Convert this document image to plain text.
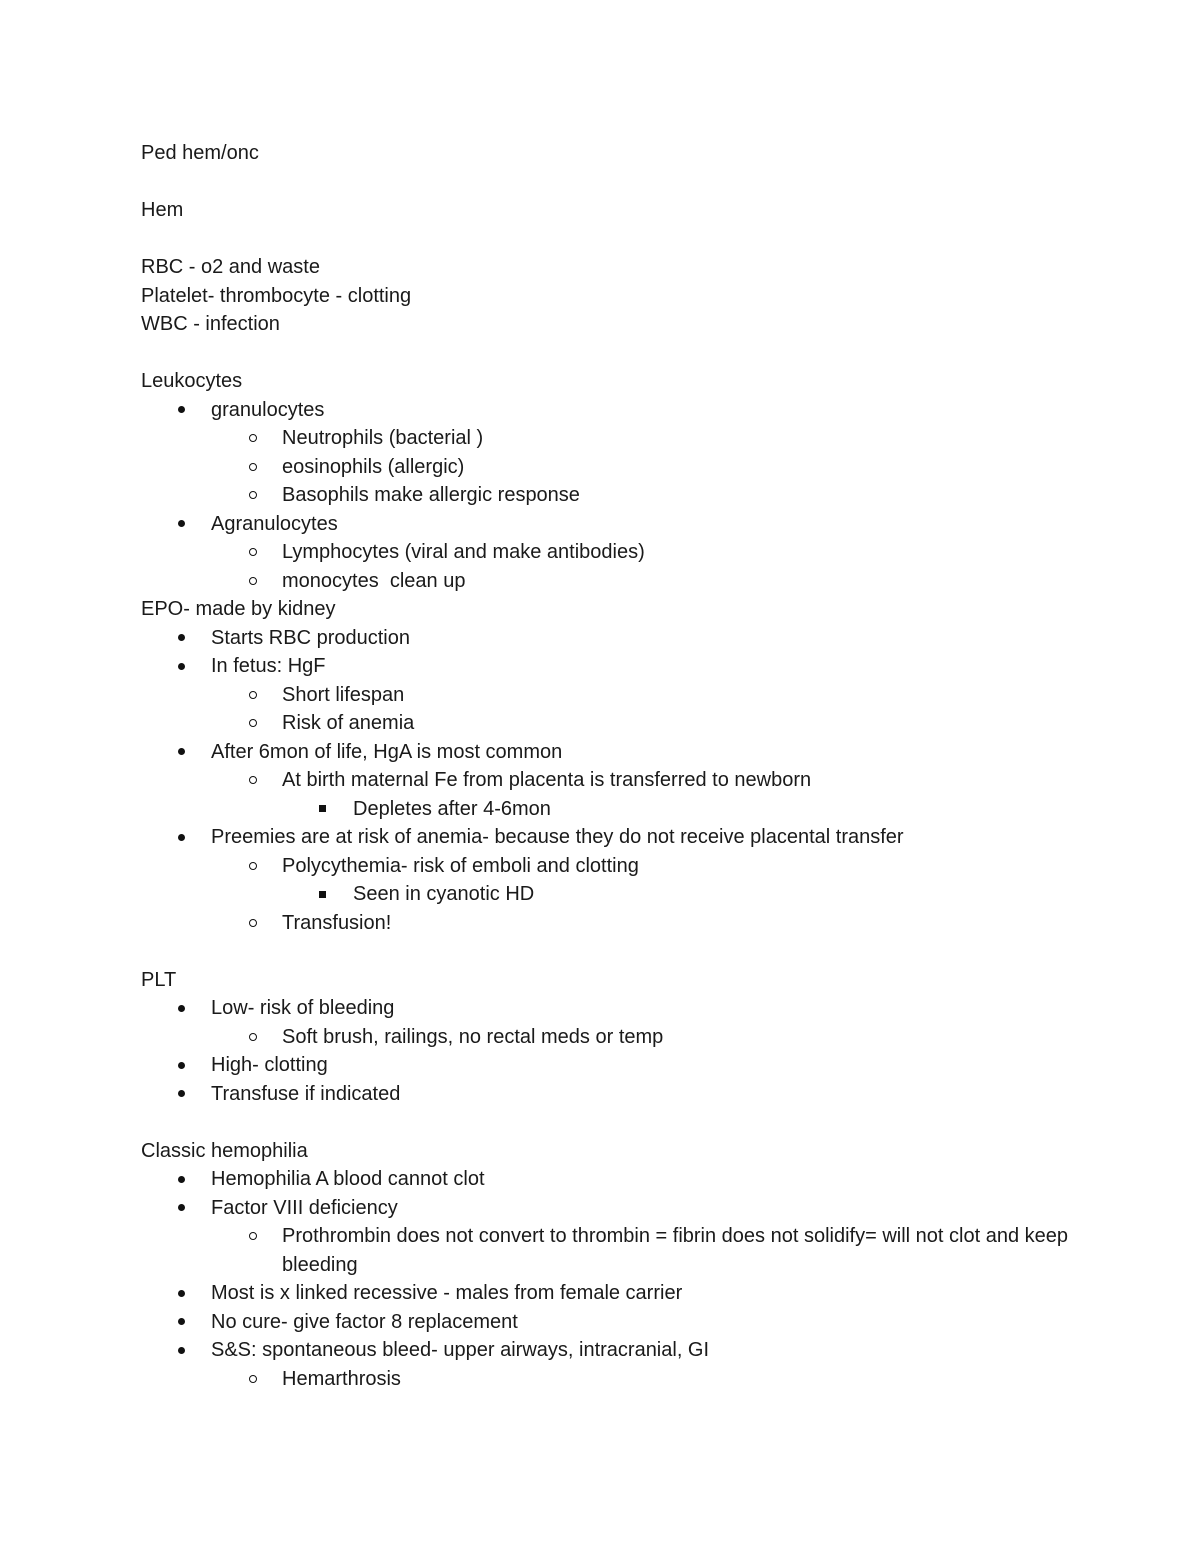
Ped hem/onc
Hem
RBC - o2 and waste
Platelet- thrombocyte - clotting
WBC - infection
Leukocytes
granulocytes
Neutrophils (bacterial )
eosinophils (allergic)
Basophils make allergic response
Agranulocytes
Lymphocytes (viral and make antibodies)
monocytes  clean up
EPO- made by kidney
Starts RBC production
In fetus: HgF
Short lifespan
Risk of anemia
After 6mon of life, HgA is most common
At birth maternal Fe from placenta is transferred to newborn
Depletes after 4-6mon
Preemies are at risk of anemia- because they do not receive placental transfer
Polycythemia- risk of emboli and clotting
Seen in cyanotic HD
Transfusion!
PLT
Low- risk of bleeding
Soft brush, railings, no rectal meds or temp
High- clotting
Transfuse if indicated
Classic hemophilia
Hemophilia A blood cannot clot
Factor VIII deficiency
Prothrombin does not convert to thrombin = fibrin does not solidify= will not clot and keep bleeding
Most is x linked recessive - males from female carrier
No cure- give factor 8 replacement
S&S: spontaneous bleed- upper airways, intracranial, GI
Hemarthrosis
